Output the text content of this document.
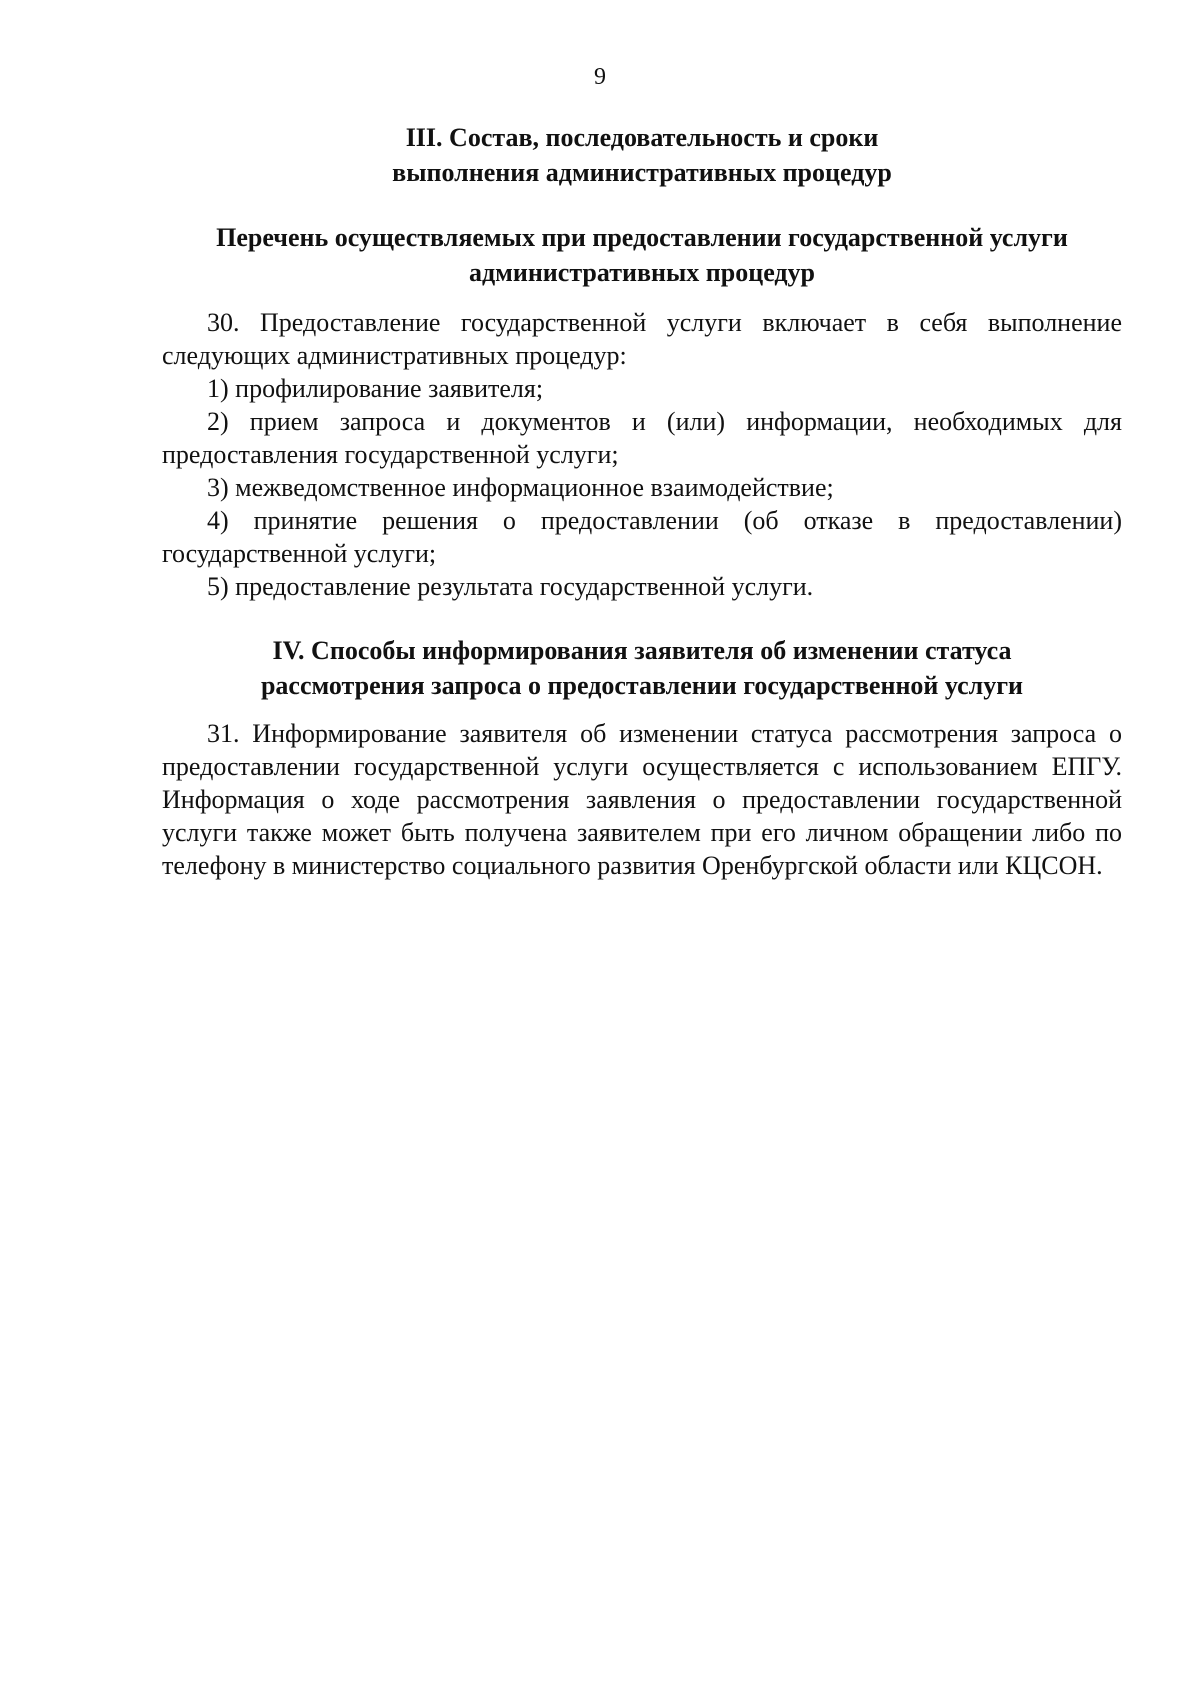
9
III. Состав, последовательность и сроки
выполнения административных процедур
Перечень осуществляемых при предоставлении государственной услуги
административных процедур

30. Предоставление государственной услуги включает в себя выполнение следующих административных процедур:

1) профилирование заявителя;

2) прием запроса и документов и (или) информации, необходимых для предоставления государственной услуги;

3) межведомственное информационное взаимодействие;

4) принятие решения о предоставлении (об отказе в предоставлении) государственной услуги;

5) предоставление результата государственной услуги.

IV. Способы информирования заявителя об изменении статуса
рассмотрения запроса о предоставлении государственной услуги

31. Информирование заявителя об изменении статуса рассмотрения запроса о предоставлении государственной услуги осуществляется с использованием ЕПГУ. Информация о ходе рассмотрения заявления о предоставлении государственной услуги также может быть получена заявителем при его личном обращении либо по телефону в министерство социального развития Оренбургской области или КЦСОН.
